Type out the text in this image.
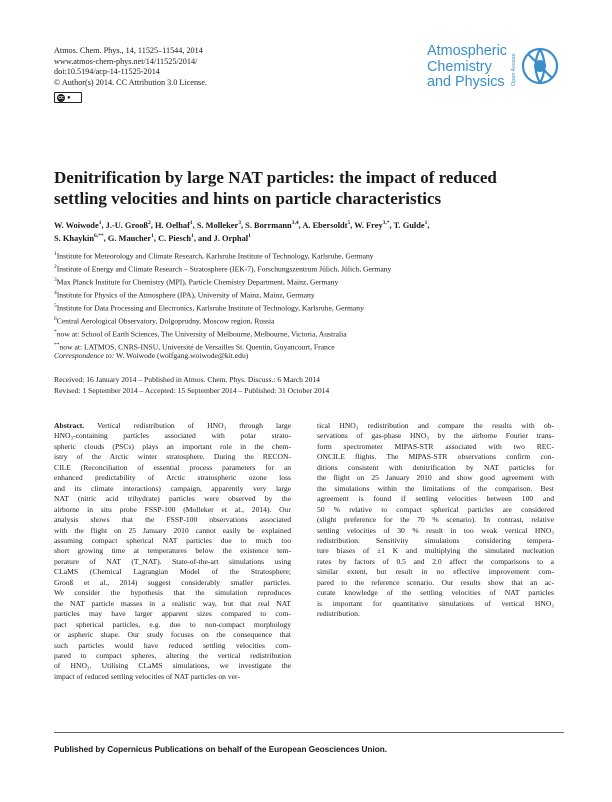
Atmos. Chem. Phys., 14, 11525–11544, 2014
www.atmos-chem-phys.net/14/11525/2014/
doi:10.5194/acp-14-11525-2014
© Author(s) 2014. CC Attribution 3.0 License.
cc ●
Atmospheric
Chemistry
and Physics	Open Access
Denitrification by large NAT particles: the impact of reduced
settling velocities and hints on particle characteristics
W. Woiwode$^1$, J.-U. Grooß$^2$, H. Oelhaf$^1$, S. Molleker$^3$, S. Borrmann$^{3,4}$, A. Ebersoldt$^5$, W. Frey$^{3,*}$, T. Gulde$^1$,
S. Khaykin$^{6,**}$, G. Maucher$^1$, C. Piesch$^1$, and J. Orphal$^1$
$^1$Institute for Meteorology and Climate Research, Karlsruhe Institute of Technology, Karlsruhe, Germany
$^2$Institute of Energy and Climate Research – Stratosphere (IEK-7), Forschungszentrum Jülich, Jülich, Germany
$^3$Max Planck Institute for Chemistry (MPI), Particle Chemistry Department, Mainz, Germany
$^4$Institute for Physics of the Atmosphere (IPA), University of Mainz, Mainz, Germany
$^5$Institute for Data Processing and Electronics, Karlsruhe Institute of Technology, Karlsruhe, Germany
$^6$Central Aerological Observatory, Dolgoprudny, Moscow region, Russia
*now at: School of Earth Sciences, The University of Melbourne, Melbourne, Victoria, Australia
**now at: LATMOS, CNRS-INSU, Université de Versailles St. Quentin, Guyancourt, France
Correspondence to: W. Woiwode (wolfgang.woiwode@kit.edu)
Received: 16 January 2014 – Published in Atmos. Chem. Phys. Discuss.: 6 March 2014
Revised: 1 September 2014 – Accepted: 15 September 2014 – Published: 31 October 2014
Abstract. Vertical redistribution of HNO₃ through large
HNO₃-containing particles associated with polar strato-
spheric clouds (PSCs) plays an important role in the chem-
istry of the Arctic winter stratosphere. During the RECON-
CILE (Reconciliation of essential process parameters for an
enhanced predictability of Arctic stratospheric ozone loss
and its climate interactions) campaign, apparently very large
NAT (nitric acid trihydrate) particles were observed by the
airborne in situ probe FSSP-100 (Molleker et al., 2014). Our
analysis shows that the FSSP-100 observations associated
with the flight on 25 January 2010 cannot easily be explained
assuming compact spherical NAT particles due to much too
short growing time at temperatures below the existence tem-
perature of NAT (T_NAT). State-of-the-art simulations using
CLaMS (Chemical Lagrangian Model of the Stratosphere;
Grooß et al., 2014) suggest considerably smaller particles.
We consider the hypothesis that the simulation reproduces
the NAT particle masses in a realistic way, but that real NAT
particles may have larger apparent sizes compared to com-
pact spherical particles, e.g. due to non-compact morphology
or aspheric shape. Our study focuses on the consequence that
such particles would have reduced settling velocities com-
pared to compact spheres, altering the vertical redistribution
of HNO₃. Utilising CLaMS simulations, we investigate the
impact of reduced settling velocities of NAT particles on ver-
tical HNO₃ redistribution and compare the results with ob-
servations of gas-phase HNO₃ by the airborne Fourier trans-
form spectrometer MIPAS-STR associated with two REC-
ONCILE flights. The MIPAS-STR observations confirm con-
ditions consistent with denitrification by NAT particles for
the flight on 25 January 2010 and show good agreement with
the simulations within the limitations of the comparison. Best
agreement is found if settling velocities between 100 and
50 % relative to compact spherical particles are considered
(slight preference for the 70 % scenario). In contrast, relative
settling velocities of 30 % result in too weak vertical HNO₃
redistribution. Sensitivity simulations considering tempera-
ture biases of ±1 K and multiplying the simulated nucleation
rates by factors of 0.5 and 2.0 affect the comparisons to a
similar extent, but result in no effective improvement com-
pared to the reference scenario. Our results show that an ac-
curate knowledge of the settling velocities of NAT particles
is important for quantitative simulations of vertical HNO₃
redistribution.
Published by Copernicus Publications on behalf of the European Geosciences Union.
